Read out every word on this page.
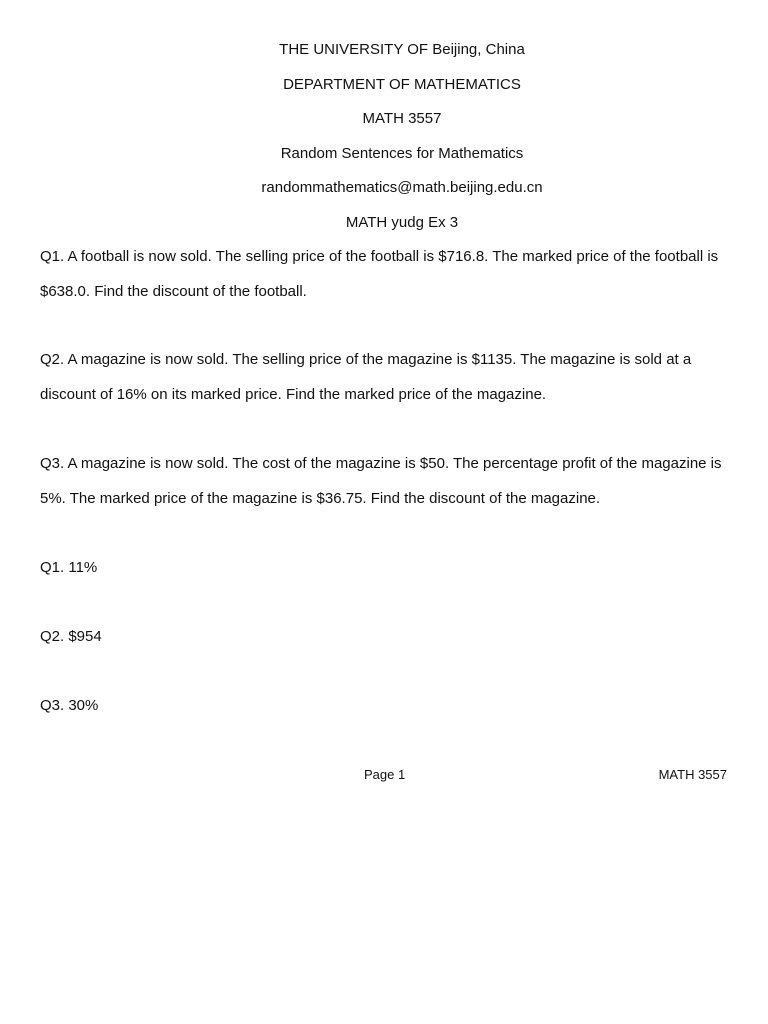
THE UNIVERSITY OF Beijing, China
DEPARTMENT OF MATHEMATICS
MATH 3557
Random Sentences for Mathematics
randommathematics@math.beijing.edu.cn
MATH yudg Ex 3
Q1. A football is now sold. The selling price of the football is $716.8. The marked price of the football is $638.0. Find the discount of the football.
Q2. A magazine is now sold. The selling price of the magazine is $1135. The magazine is sold at a discount of 16% on its marked price. Find the marked price of the magazine.
Q3. A magazine is now sold. The cost of the magazine is $50. The percentage profit of the magazine is 5%. The marked price of the magazine is $36.75. Find the discount of the magazine.
Q1. 11%
Q2. $954
Q3. 30%
Page 1	MATH 3557
